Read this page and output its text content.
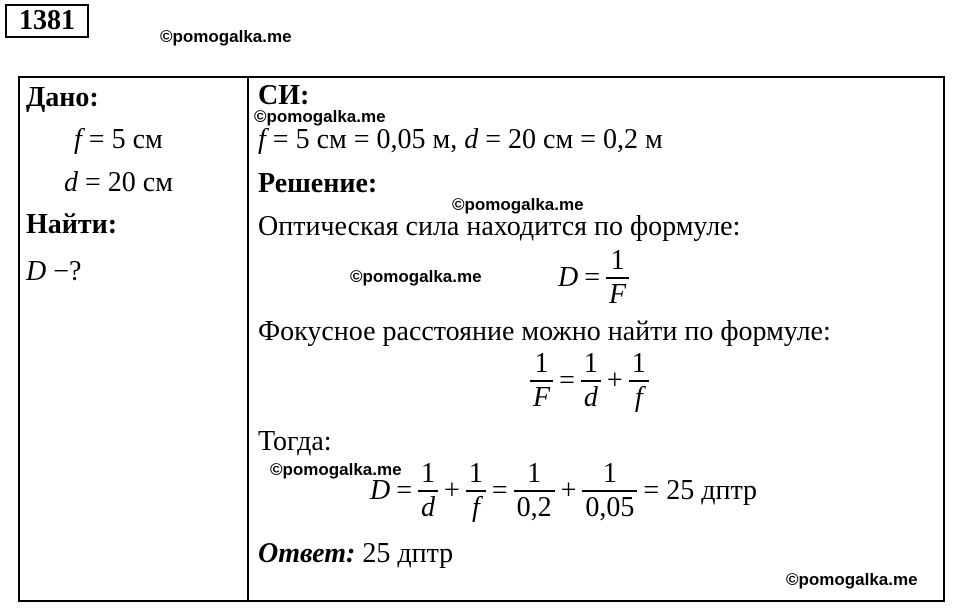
1381
©pomogalka.me
Дано:
f = 5 см
d = 20 см
Найти:
D −?
СИ:
©pomogalka.me
f = 5 см = 0,05 м, d = 20 см = 0,2 м
Решение:
©pomogalka.me
Оптическая сила находится по формуле:
©pomogalka.me	$D = \frac{1}{F}$
Фокусное расстояние можно найти по формуле:
$\frac{1}{F} = \frac{1}{d} + \frac{1}{f}$
Тогда:
©pomogalka.me
$D = \frac{1}{d} + \frac{1}{f} = \frac{1}{0,2} + \frac{1}{0,05} = 25$ дптр
Ответ: 25 дптр
©pomogalka.me
